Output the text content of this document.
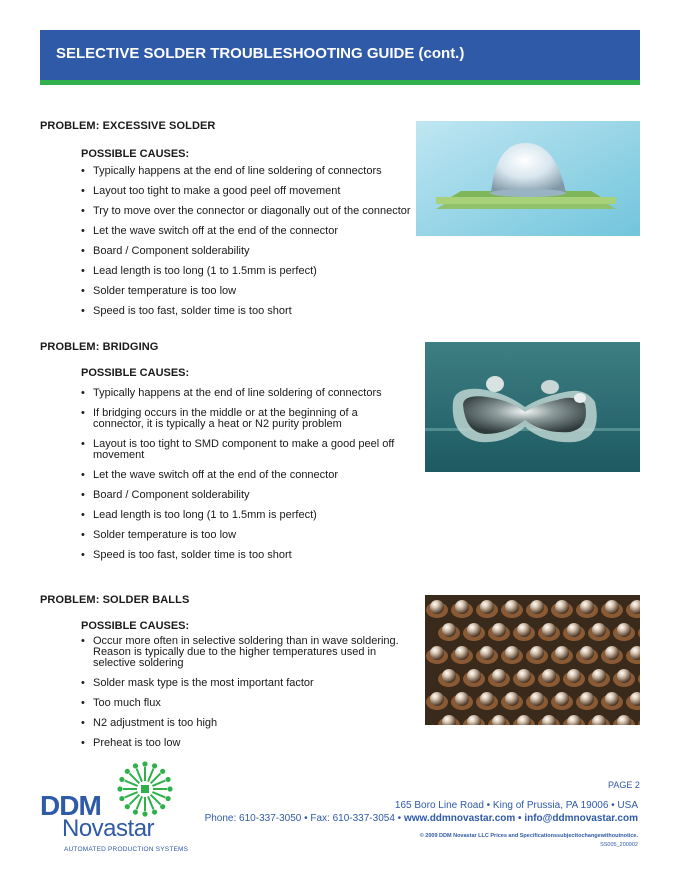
SELECTIVE SOLDER TROUBLESHOOTING GUIDE (cont.)
PROBLEM: EXCESSIVE SOLDER
POSSIBLE CAUSES:
• Typically happens at the end of line soldering of connectors
• Layout too tight to make a good peel off movement
• Try to move over the connector or diagonally out of the connector
• Let the wave switch off at the end of the connector
• Board / Component solderability
• Lead length is too long (1 to 1.5mm is perfect)
• Solder temperature is too low
• Speed is too fast, solder time is too short
PROBLEM: BRIDGING
POSSIBLE CAUSES:
• Typically happens at the end of line soldering of connectors
• If bridging occurs in the middle or at the beginning of a connector, it is typically a heat or N2 purity problem
• Layout is too tight to SMD component to make a good peel off movement
• Let the wave switch off at the end of the connector
• Board / Component solderability
• Lead length is too long (1 to 1.5mm is perfect)
• Solder temperature is too low
• Speed is too fast, solder time is too short
PROBLEM: SOLDER BALLS
POSSIBLE CAUSES:
• Occur more often in selective soldering than in wave soldering. Reason is typically due to the higher temperatures used in selective soldering
• Solder mask type is the most important factor
• Too much flux
• N2 adjustment is too high
• Preheat is too low
DDM
Novastar
AUTOMATED PRODUCTION SYSTEMS
PAGE 2
165 Boro Line Road • King of Prussia, PA 19006 • USA
Phone: 610-337-3050 • Fax: 610-337-3054 • www.ddmnovastar.com • info@ddmnovastar.com
© 2009 DDM Novastar LLC Prices and Specificationssubjecttochangewithoutnotice.
SS005_200902
